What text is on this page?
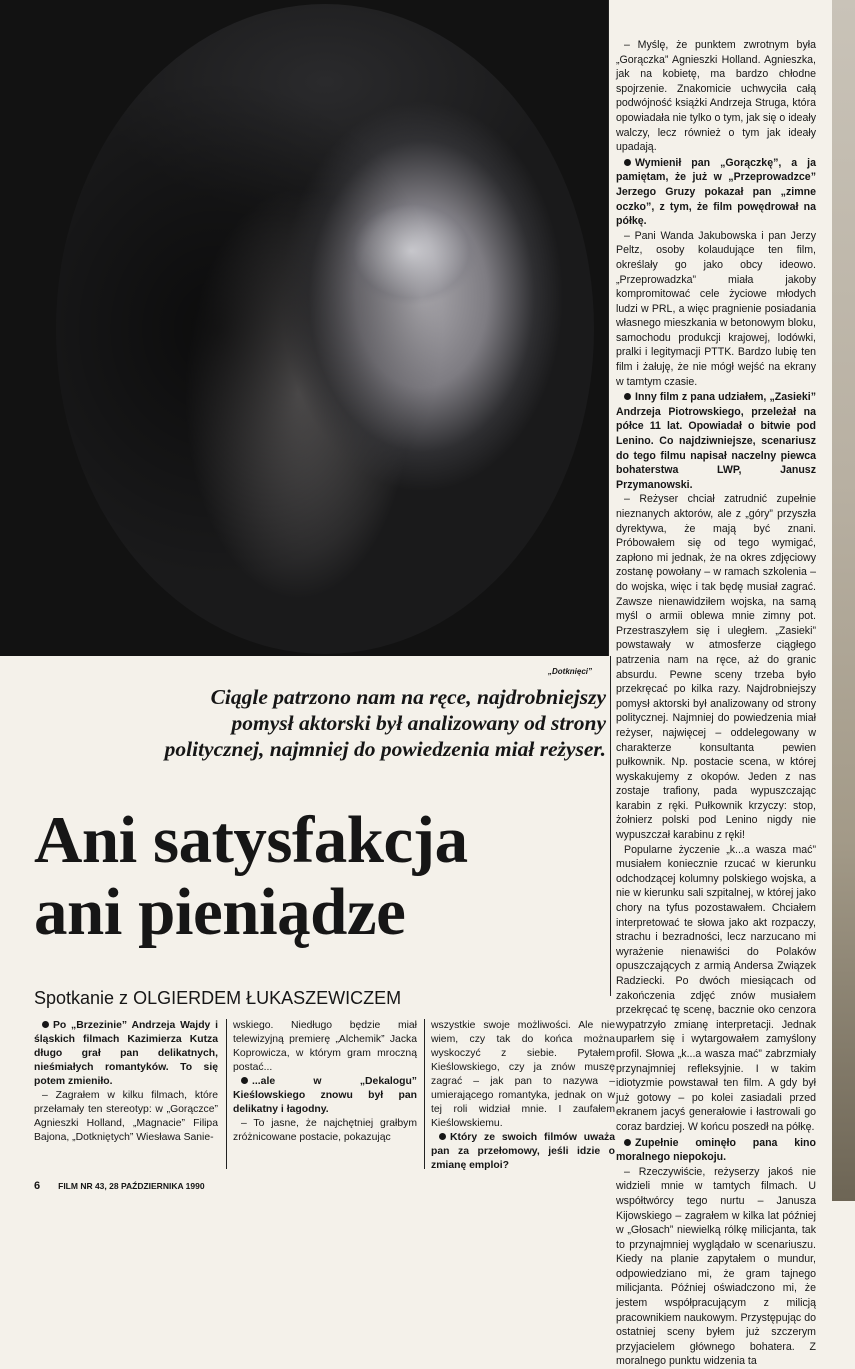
„Dotknięci”

– Myślę, że punktem zwrotnym była „Gorączka” Agnieszki Holland. Agnieszka, jak na kobietę, ma bardzo chłodne spojrzenie. Znakomicie uchwyciła całą podwójność książki Andrzeja Struga, która opowiadała nie tylko o tym, jak się o ideały walczy, lecz również o tym jak ideały upadają.

Wymienił pan „Gorączkę”, a ja pamiętam, że już w „Przeprowadzce” Jerzego Gruzy pokazał pan „zimne oczko”, z tym, że film powędrował na półkę.

– Pani Wanda Jakubowska i pan Jerzy Peltz, osoby kolaudujące ten film, określały go jako obcy ideowo. „Przeprowadzka” miała jakoby kompromitować cele życiowe młodych ludzi w PRL, a więc pragnienie posiadania własnego mieszkania w betonowym bloku, samochodu produkcji krajowej, lodówki, pralki i legitymacji PTTK. Bardzo lubię ten film i żałuję, że nie mógł wejść na ekrany w tamtym czasie.

Inny film z pana udziałem, „Zasieki” Andrzeja Piotrowskiego, przeleżał na półce 11 lat. Opowiadał o bitwie pod Lenino. Co najdziwniejsze, scenariusz do tego filmu napisał naczelny piewca bohaterstwa LWP, Janusz Przymanowski.

– Reżyser chciał zatrudnić zupełnie nieznanych aktorów, ale z „góry” przyszła dyrektywa, że mają być znani. Próbowałem się od tego wymigać, zapłono mi jednak, że na okres zdjęciowy zostanę powołany – w ramach szkolenia – do wojska, więc i tak będę musiał zagrać. Zawsze nienawidziłem wojska, na samą myśl o armii oblewa mnie zimny pot. Przestraszyłem się i uległem. „Zasieki” powstawały w atmosferze ciągłego patrzenia nam na ręce, aż do granic absurdu. Pewne sceny trzeba było przekręcać po kilka razy. Najdrobniejszy pomysł aktorski był analizowany od strony politycznej. Najmniej do powiedzenia miał reżyser, najwięcej – oddelegowany w charakterze konsultanta pewien pułkownik. Np. postacie scena, w której wyskakujemy z okopów. Jeden z nas zostaje trafiony, pada wypuszczając karabin z ręki. Pułkownik krzyczy: stop, żołnierz polski pod Lenino nigdy nie wypuszczał karabinu z ręki!

Popularne życzenie „k...a wasza mać” musiałem koniecznie rzucać w kierunku odchodzącej kolumny polskiego wojska, a nie w kierunku sali szpitalnej, w której jako chory na tyfus pozostawałem. Chciałem interpretować te słowa jako akt rozpaczy, strachu i bezradności, lecz narzucano mi wyrażenie nienawiści do Polaków opuszczających z armią Andersa Związek Radziecki. Po dwóch miesiącach od zakończenia zdjęć znów musiałem przekręcać tę scenę, bacznie oko cenzora wypatrzyło zmianę interpretacji. Jednak uparłem się i wytargowałem zamyślony profil. Słowa „k...a wasza mać” zabrzmiały przynajmniej refleksyjnie. I w takim idiotyzmie powstawał ten film. A gdy był już gotowy – po kolei zasiadali przed ekranem jacyś generałowie i łastrowali go coraz bardziej. W końcu poszedł na półkę.

Zupełnie ominęło pana kino moralnego niepokoju.

– Rzeczywiście, reżyserzy jakoś nie widzieli mnie w tamtych filmach. U współtwórcy tego nurtu – Janusza Kijowskiego – zagrałem w kilka lat później w „Głosach” niewielką rólkę milicjanta, tak to przynajmniej wyglądało w scenariuszu. Kiedy na planie zapytałem o mundur, odpowiedziano mi, że gram tajnego milicjanta. Później oświadczono mi, że jestem współpracującym z milicją pracownikiem naukowym. Przystępując do ostatniej sceny byłem już szczerym przyjacielem głównego bohatera. Z moralnego punktu widzenia ta

Ciągle patrzono nam na ręce, najdrobniejszy pomysł aktorski był analizowany od strony politycznej, najmniej do powiedzenia miał reżyser.
Ani satysfakcja
ani pieniądze
Spotkanie z OLGIERDEM ŁUKASZEWICZEM

Po „Brzezinie” Andrzeja Wajdy i śląskich filmach Kazimierza Kutza długo grał pan delikatnych, nieśmiałych romantyków. To się potem zmieniło.

– Zagrałem w kilku filmach, które przełamały ten stereotyp: w „Gorączce” Agnieszki Holland, „Magnacie” Filipa Bajona, „Dotkniętych” Wiesława Sanie-

wskiego. Niedługo będzie miał telewizyjną premierę „Alchemik” Jacka Koprowicza, w którym gram mroczną postać...

...ale w „Dekalogu” Kieślowskiego znowu był pan delikatny i łagodny.

– To jasne, że najchętniej grałbym zróżnicowane postacie, pokazując

wszystkie swoje możliwości. Ale nie wiem, czy tak do końca można wyskoczyć z siebie. Pytałem Kieślowskiego, czy ja znów muszę zagrać – jak pan to nazywa – umierającego romantyka, jednak on w tej roli widział mnie. I zaufałem Kieślowskiemu.

Który ze swoich filmów uważa pan za przełomowy, jeśli idzie o zmianę emploi?

6 FILM NR 43, 28 PAŹDZIERNIKA 1990
